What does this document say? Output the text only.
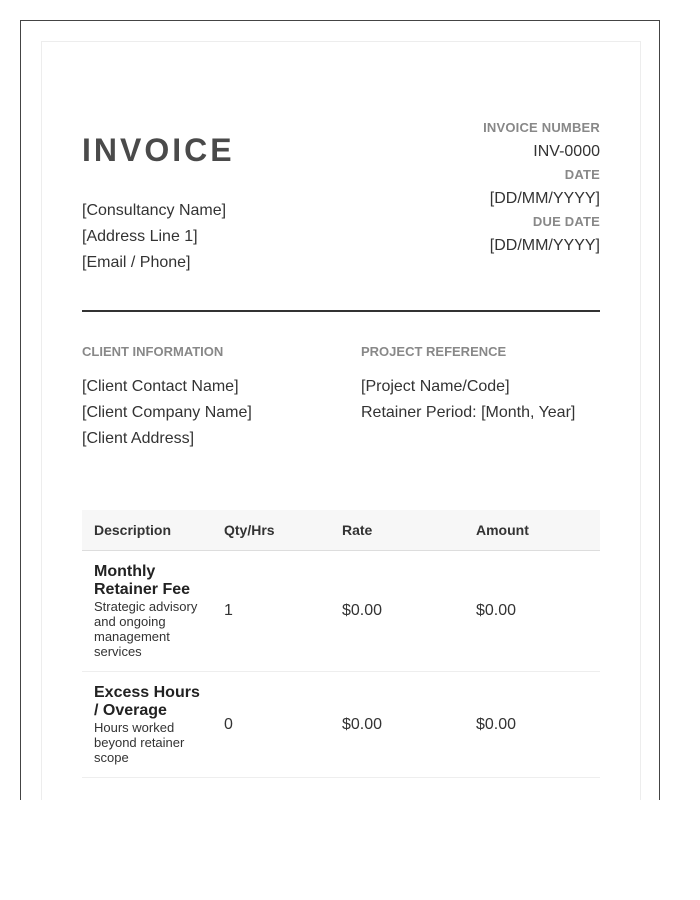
INVOICE
[Consultancy Name]
[Address Line 1]
[Email / Phone]
INVOICE NUMBER
INV-0000
DATE
[DD/MM/YYYY]
DUE DATE
[DD/MM/YYYY]
CLIENT INFORMATION
[Client Contact Name]
[Client Company Name]
[Client Address]
PROJECT REFERENCE
[Project Name/Code]
Retainer Period: [Month, Year]
Description	Qty/Hrs	Rate	Amount

Monthly Retainer Fee
Strategic advisory and ongoing management services	1	$0.00	$0.00

Excess Hours / Overage
Hours worked beyond retainer scope	0	$0.00	$0.00
